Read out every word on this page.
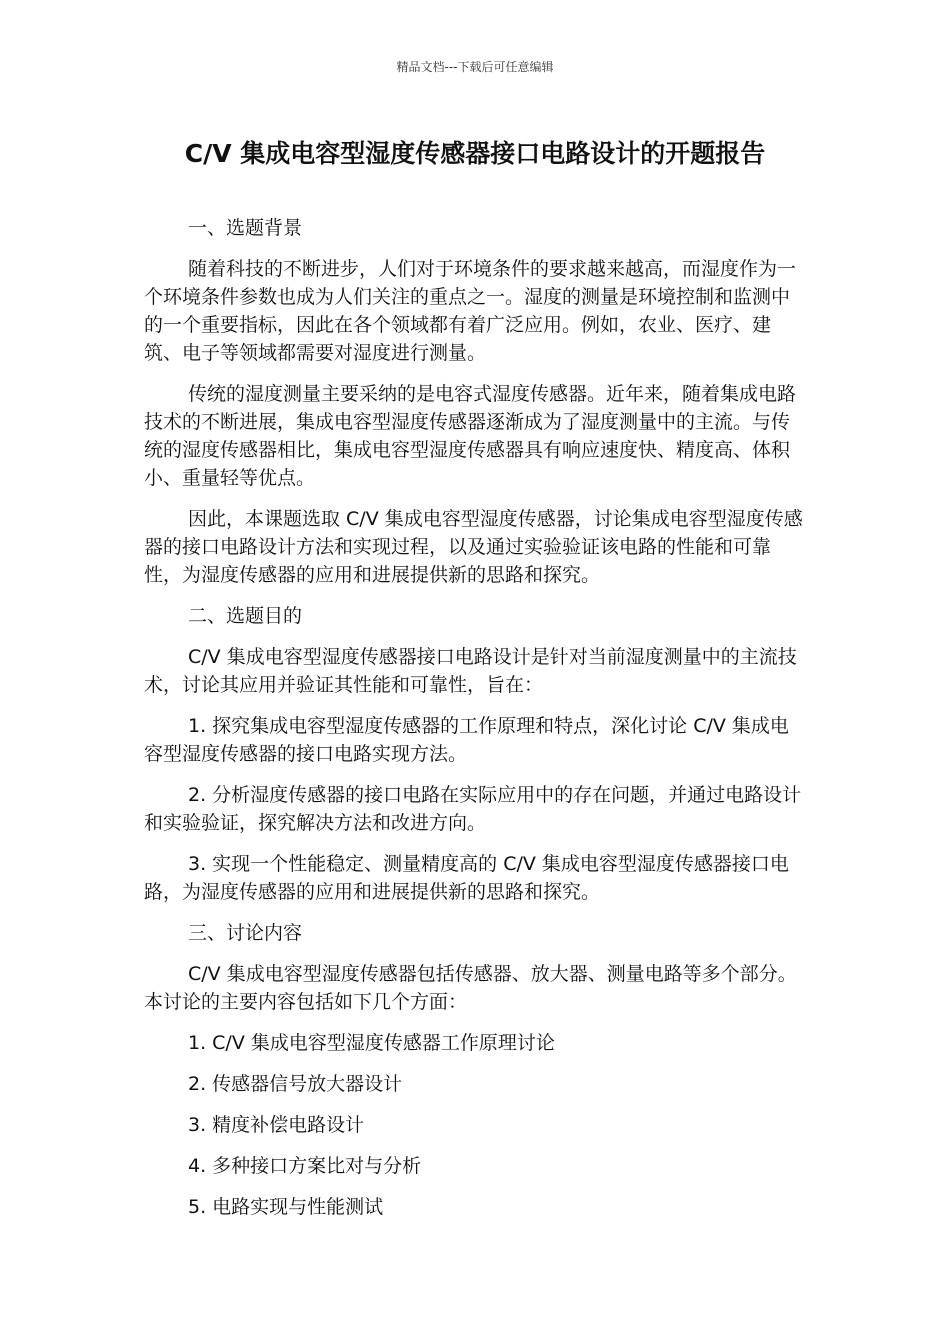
精品文档---下载后可任意编辑
C/V 集成电容型湿度传感器接口电路设计的开题报告

一、选题背景

随着科技的不断进步，人们对于环境条件的要求越来越高，而湿度作为一个环境条件参数也成为人们关注的重点之一。湿度的测量是环境控制和监测中的一个重要指标，因此在各个领域都有着广泛应用。例如，农业、医疗、建筑、电子等领域都需要对湿度进行测量。

传统的湿度测量主要采纳的是电容式湿度传感器。近年来，随着集成电路技术的不断进展，集成电容型湿度传感器逐渐成为了湿度测量中的主流。与传统的湿度传感器相比，集成电容型湿度传感器具有响应速度快、精度高、体积小、重量轻等优点。

因此，本课题选取 C/V 集成电容型湿度传感器，讨论集成电容型湿度传感器的接口电路设计方法和实现过程，以及通过实验验证该电路的性能和可靠性，为湿度传感器的应用和进展提供新的思路和探究。

二、选题目的

C/V 集成电容型湿度传感器接口电路设计是针对当前湿度测量中的主流技术，讨论其应用并验证其性能和可靠性，旨在：

1. 探究集成电容型湿度传感器的工作原理和特点，深化讨论 C/V 集成电容型湿度传感器的接口电路实现方法。

2. 分析湿度传感器的接口电路在实际应用中的存在问题，并通过电路设计和实验验证，探究解决方法和改进方向。

3. 实现一个性能稳定、测量精度高的 C/V 集成电容型湿度传感器接口电路，为湿度传感器的应用和进展提供新的思路和探究。

三、讨论内容

C/V 集成电容型湿度传感器包括传感器、放大器、测量电路等多个部分。本讨论的主要内容包括如下几个方面：

1. C/V 集成电容型湿度传感器工作原理讨论

2. 传感器信号放大器设计

3. 精度补偿电路设计

4. 多种接口方案比对与分析

5. 电路实现与性能测试
